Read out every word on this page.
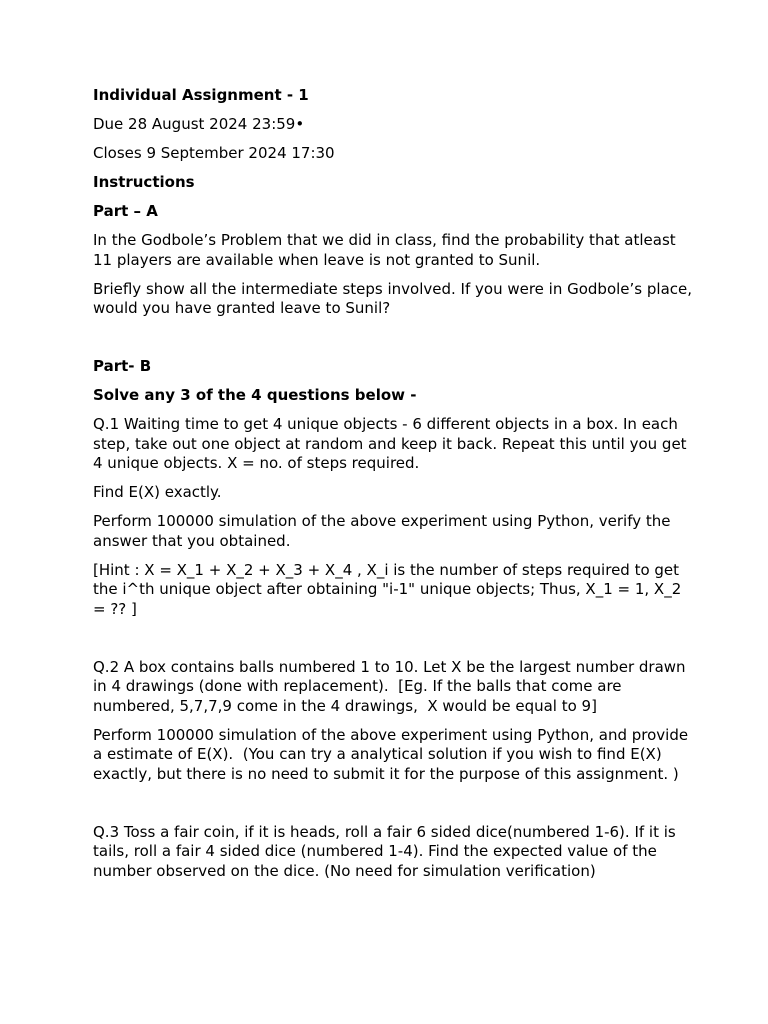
Individual Assignment - 1
Due 28 August 2024 23:59•
Closes 9 September 2024 17:30
Instructions
Part – A
In the Godbole’s Problem that we did in class, find the probability that atleast 11 players are available when leave is not granted to Sunil.
Briefly show all the intermediate steps involved. If you were in Godbole’s place, would you have granted leave to Sunil?
Part- B
Solve any 3 of the 4 questions below -
Q.1 Waiting time to get 4 unique objects - 6 different objects in a box. In each step, take out one object at random and keep it back. Repeat this until you get 4 unique objects. X = no. of steps required.
Find E(X) exactly.
Perform 100000 simulation of the above experiment using Python, verify the answer that you obtained.
[Hint : X = X_1 + X_2 + X_3 + X_4 , X_i is the number of steps required to get the i^th unique object after obtaining "i-1" unique objects; Thus, X_1 = 1, X_2 = ?? ]
Q.2 A box contains balls numbered 1 to 10. Let X be the largest number drawn in 4 drawings (done with replacement).  [Eg. If the balls that come are numbered, 5,7,7,9 come in the 4 drawings,  X would be equal to 9]
Perform 100000 simulation of the above experiment using Python, and provide a estimate of E(X).  (You can try a analytical solution if you wish to find E(X) exactly, but there is no need to submit it for the purpose of this assignment. )
Q.3 Toss a fair coin, if it is heads, roll a fair 6 sided dice(numbered 1-6). If it is tails, roll a fair 4 sided dice (numbered 1-4). Find the expected value of the number observed on the dice. (No need for simulation verification)
